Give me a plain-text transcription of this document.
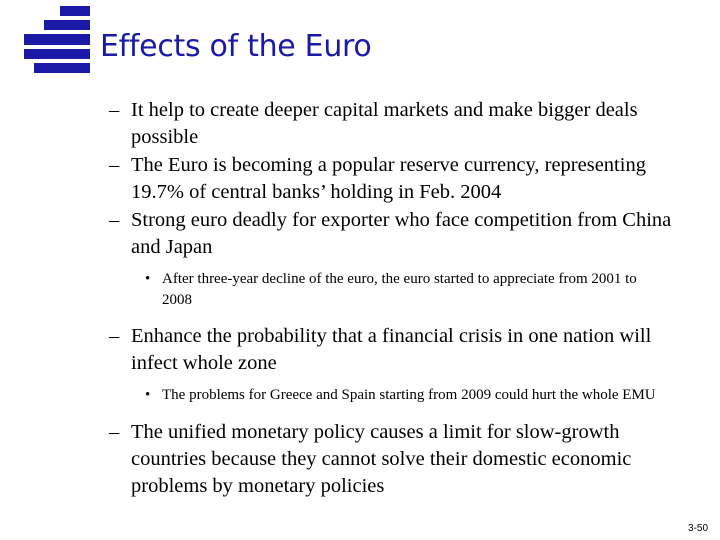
Effects of the Euro

– It help to create deeper capital markets and make bigger deals possible

– The Euro is becoming a popular reserve currency, representing 19.7% of central banks’ holding in Feb. 2004

– Strong euro deadly for exporter who face competition from China and Japan

• After three-year decline of the euro, the euro started to appreciate from 2001 to 2008

– Enhance the probability that a financial crisis in one nation will infect whole zone

• The problems for Greece and Spain starting from 2009 could hurt the whole EMU

– The unified monetary policy causes a limit for slow-growth countries because they cannot solve their domestic economic problems by monetary policies

3-50
